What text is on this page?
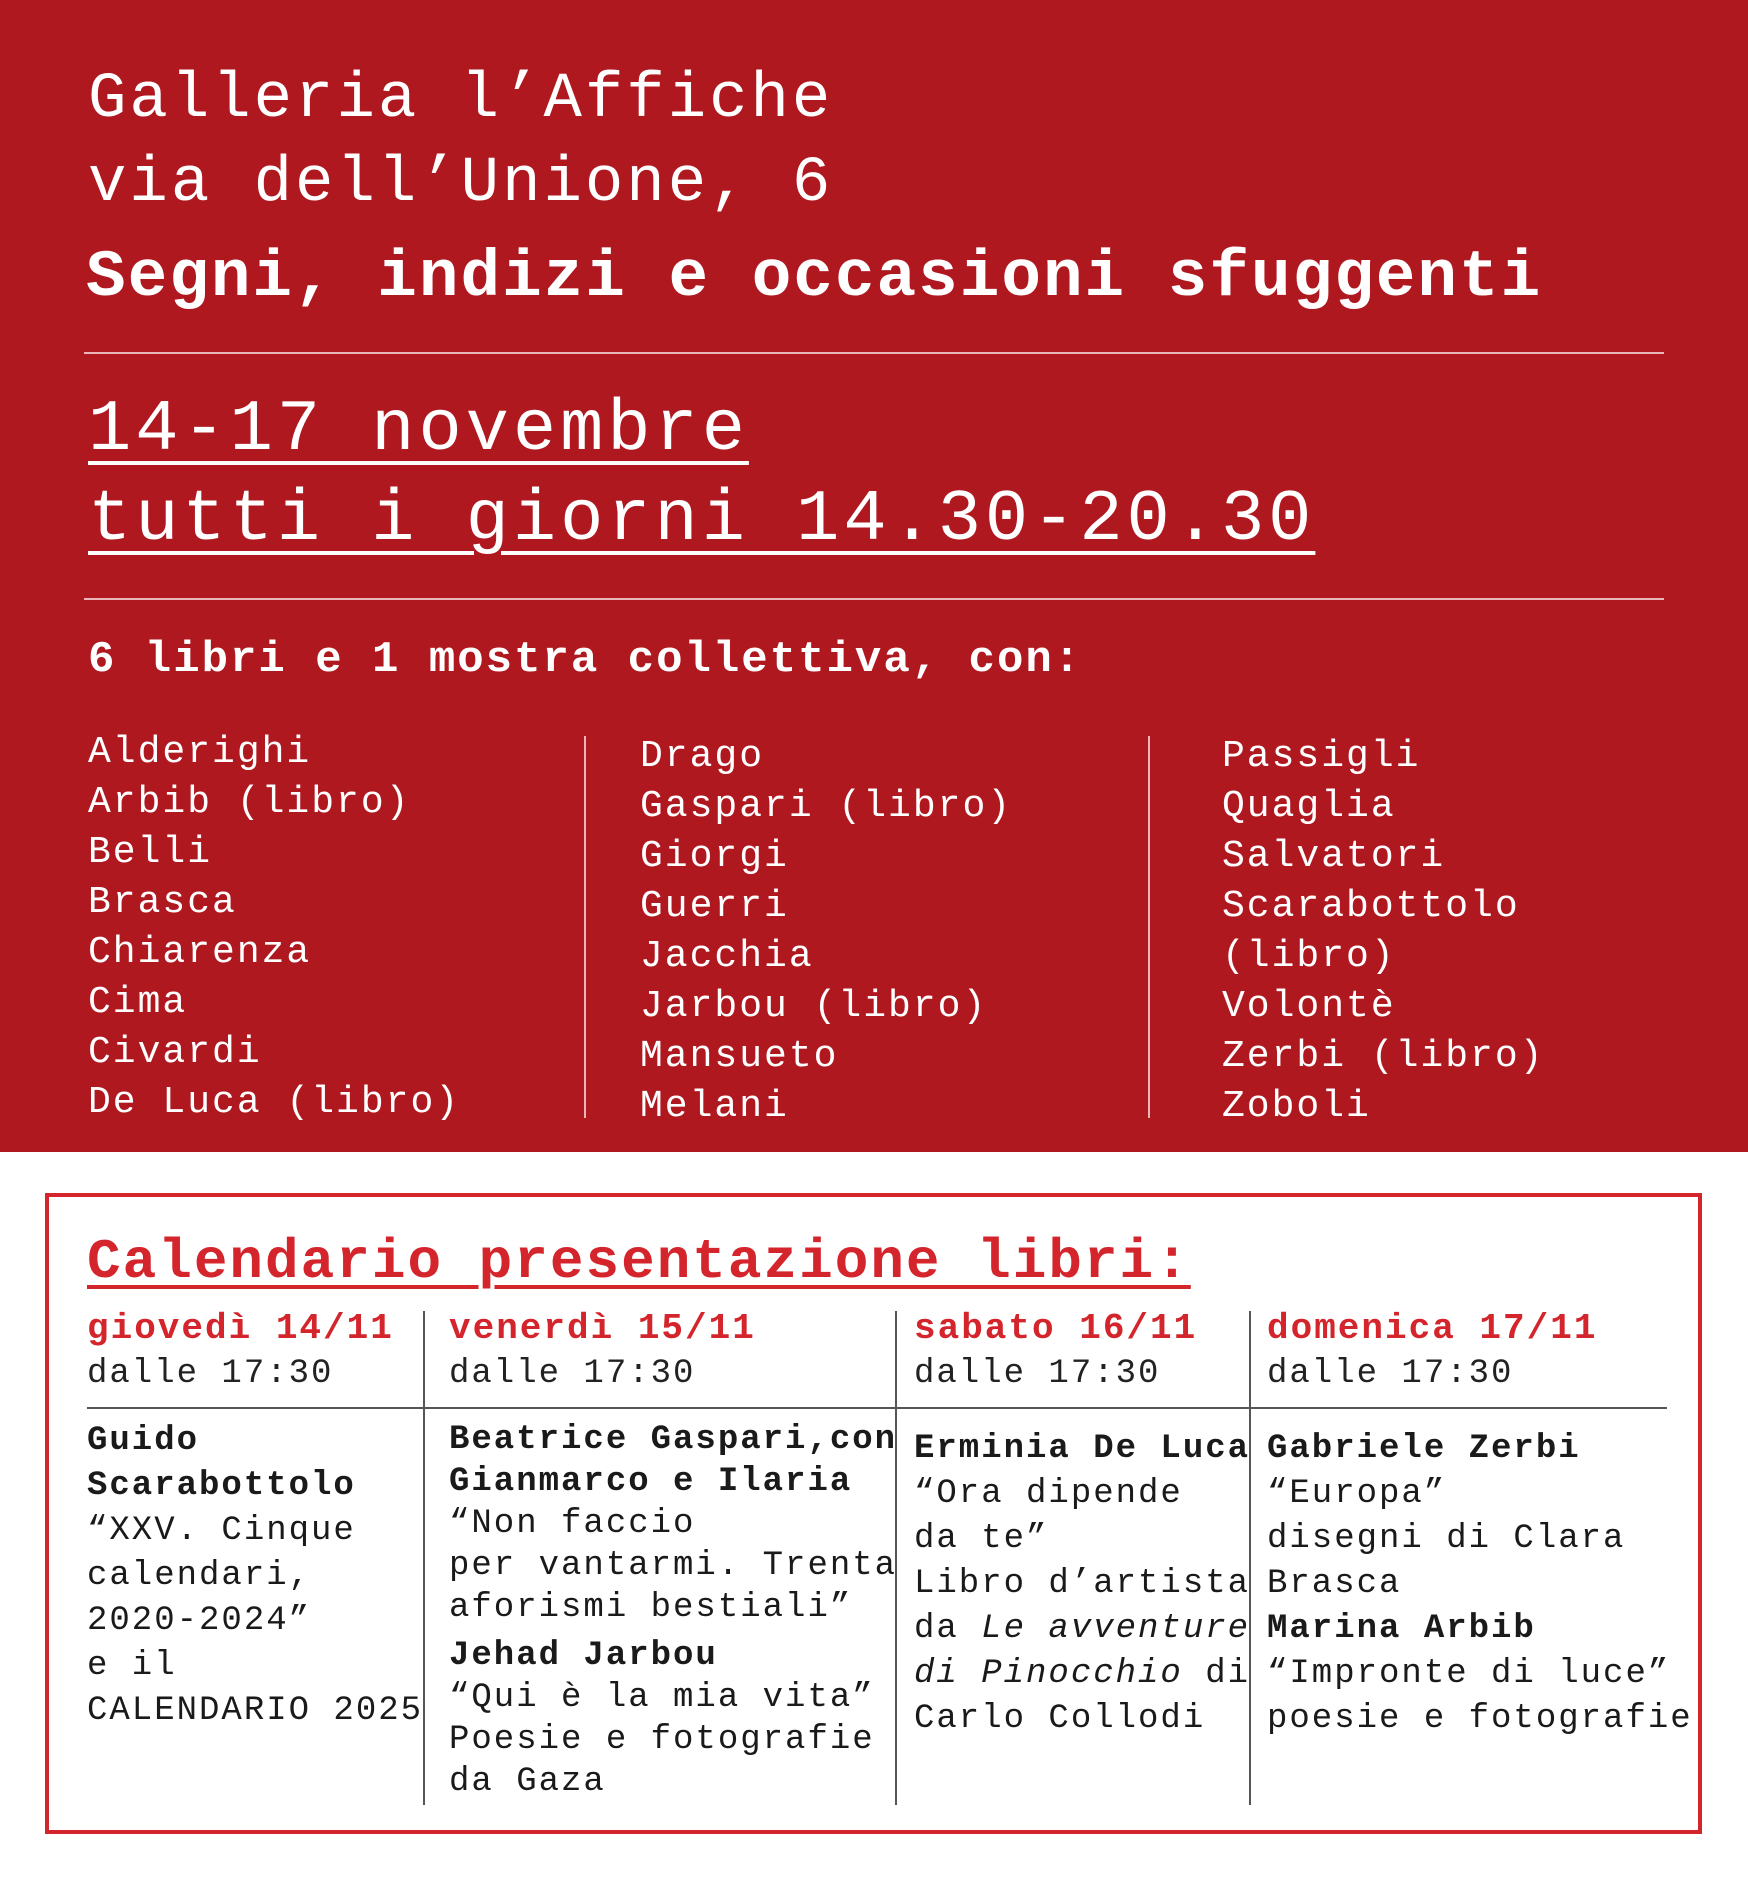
Galleria l’Affiche
via dell’Unione, 6
Segni, indizi e occasioni sfuggenti
14-17 novembre
tutti i giorni 14.30-20.30
6 libri e 1 mostra collettiva, con:
Alderighi
Arbib (libro)
Belli
Brasca
Chiarenza
Cima
Civardi
De Luca (libro)
Drago
Gaspari (libro)
Giorgi
Guerri
Jacchia
Jarbou (libro)
Mansueto
Melani
Passigli
Quaglia
Salvatori
Scarabottolo
(libro)
Volontè
Zerbi (libro)
Zoboli
Calendario presentazione libri:
giovedì 14/11
dalle 17:30
venerdì 15/11
dalle 17:30
sabato 16/11
dalle 17:30
domenica 17/11
dalle 17:30
Guido
Scarabottolo
“XXV. Cinque
calendari,
2020-2024”
e il
CALENDARIO 2025
Beatrice Gaspari,con
Gianmarco e Ilaria
“Non faccio
per vantarmi. Trenta
aforismi bestiali”
Jehad Jarbou
“Qui è la mia vita”
Poesie e fotografie
da Gaza
Erminia De Luca
“Ora dipende
da te”
Libro d’artista
da Le avventure
di Pinocchio di
Carlo Collodi
Gabriele Zerbi
“Europa”
disegni di Clara
Brasca
Marina Arbib
“Impronte di luce”
poesie e fotografie
